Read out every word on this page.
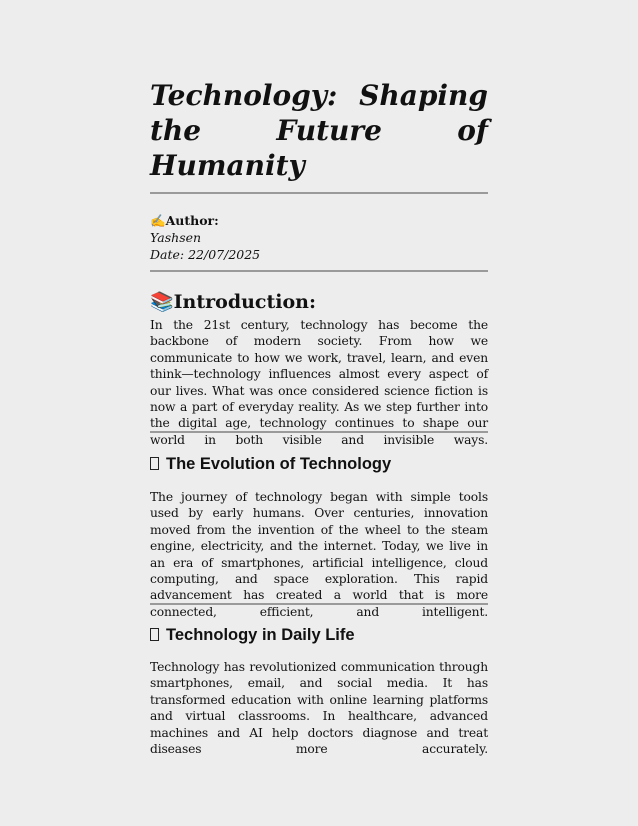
Technology: Shaping
the	Future	of
Humanity
✍Author:
Yashsen
Date: 22/07/2025
📚Introduction:

In the 21st century, technology has become the backbone of modern society. From how we communicate to how we work, travel, learn, and even think—technology influences almost every aspect of our lives. What was once considered science fiction is now a part of everyday reality. As we step further into the digital age, technology continues to shape our world in both visible and invisible ways.

The Evolution of Technology

The journey of technology began with simple tools used by early humans. Over centuries, innovation moved from the invention of the wheel to the steam engine, electricity, and the internet. Today, we live in an era of smartphones, artificial intelligence, cloud computing, and space exploration. This rapid advancement has created a world that is more connected, efficient, and intelligent.

Technology in Daily Life

Technology has revolutionized communication through smartphones, email, and social media. It has transformed education with online learning platforms and virtual classrooms. In healthcare, advanced machines and AI help doctors diagnose and treat diseases more accurately.
